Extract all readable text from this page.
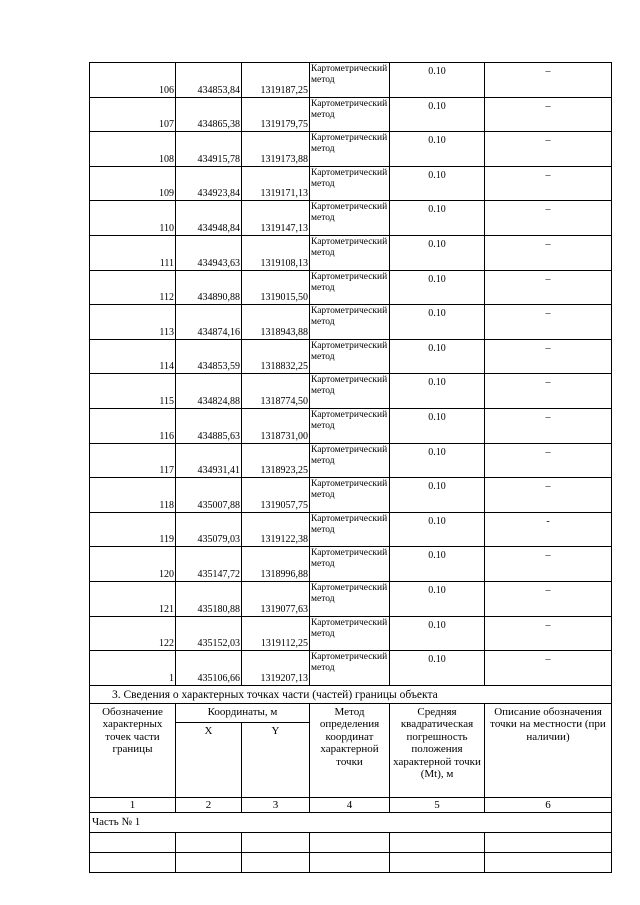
106	434853,84	1319187,25	Картометрический метод	0.10	–
107	434865,38	1319179,75	Картометрический метод	0.10	–
108	434915,78	1319173,88	Картометрический метод	0.10	–
109	434923,84	1319171,13	Картометрический метод	0.10	–
110	434948,84	1319147,13	Картометрический метод	0.10	–
111	434943,63	1319108,13	Картометрический метод	0.10	–
112	434890,88	1319015,50	Картометрический метод	0.10	–
113	434874,16	1318943,88	Картометрический метод	0.10	–
114	434853,59	1318832,25	Картометрический метод	0.10	–
115	434824,88	1318774,50	Картометрический метод	0.10	–
116	434885,63	1318731,00	Картометрический метод	0.10	–
117	434931,41	1318923,25	Картометрический метод	0.10	–
118	435007,88	1319057,75	Картометрический метод	0.10	–
119	435079,03	1319122,38	Картометрический метод	0.10	-
120	435147,72	1318996,88	Картометрический метод	0.10	–
121	435180,88	1319077,63	Картометрический метод	0.10	–
122	435152,03	1319112,25	Картометрический метод	0.10	–
1	435106,66	1319207,13	Картометрический метод	0.10	–
3. Сведения о характерных точках части (частей) границы объекта					
Обозначение характерных точек части границы	Координаты, м		Метод определения координат характерной точки	Средняя квадратическая погрешность положения характерной точки (Mt), м	Описание обозначения точки на местности (при наличии)
	X	Y			
1	2	3	4	5	6
Часть № 1					
